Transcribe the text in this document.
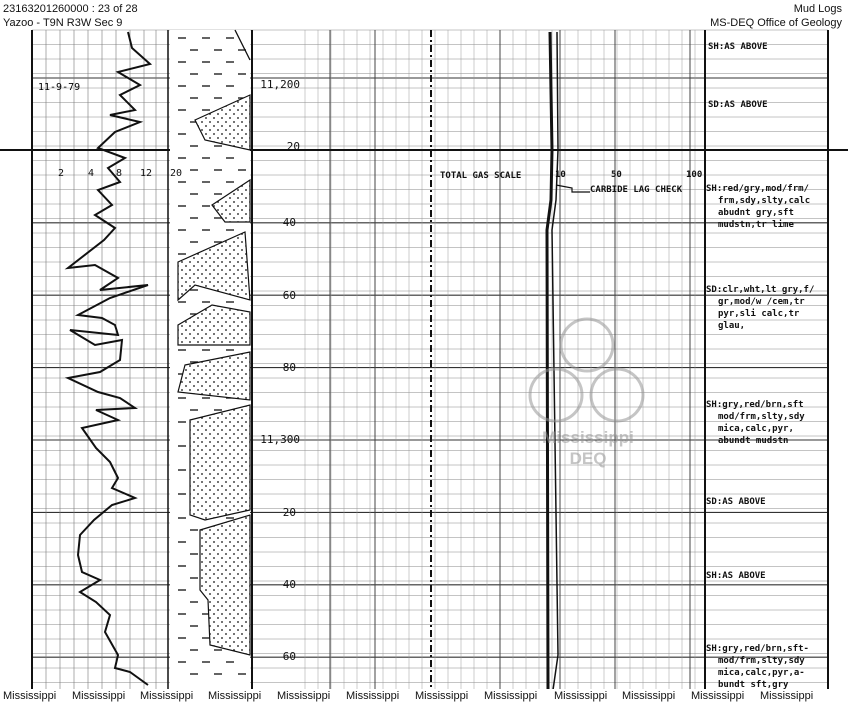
23163201260000 : 23 of 28
Yazoo - T9N R3W Sec 9
Mud Logs
MS-DEQ Office of Geology
2 4 8 12 20
11-9-79	11,200
20
40
60
80
11,300
20
40
60
TOTAL GAS SCALE	10	50	100
CARBIDE LAG CHECK
SH:AS ABOVE
SD:AS ABOVE
SH:red/gry,mod/frm/ frm,sdy,slty,calc abudnt gry,sft mudstn,tr lime
SD:clr,wht,lt gry,f/ gr,mod/w /cem,tr pyr,sli calc,tr glau,
SH:gry,red/brn,sft mod/frm,slty,sdy mica,calc,pyr, abundt mudstn
SD:AS ABOVE
SH:AS ABOVE
SH:gry,red/brn,sft- mod/frm,slty,sdy mica,calc,pyr,a- bundt sft,gry
Mississippi
DEQ
Mississippi Mississippi Mississippi Mississippi Mississippi Mississippi Mississippi Mississippi Mississippi Mississippi Mississippi Mississippi
